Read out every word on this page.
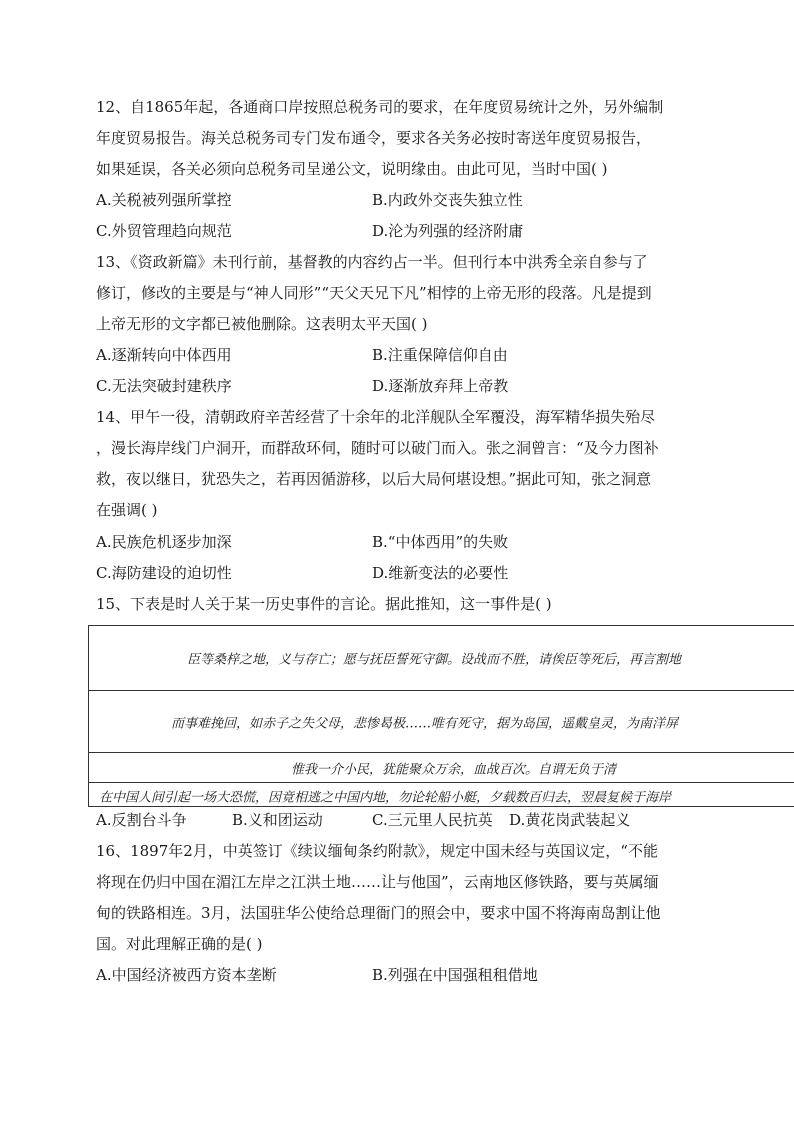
12、自1865年起，各通商口岸按照总税务司的要求，在年度贸易统计之外，另外编制
年度贸易报告。海关总税务司专门发布通令，要求各关务必按时寄送年度贸易报告，
如果延误，各关必须向总税务司呈递公文，说明缘由。由此可见，当时中国( )
A.关税被列强所掌控	B.内政外交丧失独立性
C.外贸管理趋向规范	D.沦为列强的经济附庸
13、《资政新篇》未刊行前，基督教的内容约占一半。但刊行本中洪秀全亲自参与了
修订，修改的主要是与“神人同形”“天父天兄下凡”相悖的上帝无形的段落。凡是提到
上帝无形的文字都已被他删除。这表明太平天国( )
A.逐渐转向中体西用	B.注重保障信仰自由
C.无法突破封建秩序	D.逐渐放弃拜上帝教
14、甲午一役，清朝政府辛苦经营了十余年的北洋舰队全军覆没，海军精华损失殆尽
，漫长海岸线门户洞开，而群敌环伺，随时可以破门而入。张之洞曾言：“及今力图补
救，夜以继日，犹恐失之，若再因循游移，以后大局何堪设想。”据此可知，张之洞意
在强调( )
A.民族危机逐步加深	B.“中体西用”的失败
C.海防建设的迫切性	D.维新变法的必要性
15、下表是时人关于某一历史事件的言论。据此推知，这一事件是( )
臣等桑梓之地，义与存亡；愿与抚臣誓死守御。设战而不胜，请俟臣等死后，再言割地
而事难挽回，如赤子之失父母，悲惨曷极……唯有死守，据为岛国，遥戴皇灵，为南洋屏
惟我一介小民，犹能聚众万余，血战百次。自谓无负于清
在中国人间引起一场大恐慌，因竟相逃之中国内地，勿论轮船小艇，夕载数百归去，翌晨复候于海岸
A.反割台斗争	B.义和团运动	C.三元里人民抗英 D.黄花岗武装起义
16、1897年2月，中英签订《续议缅甸条约附款》，规定中国未经与英国议定，“不能
将现在仍归中国在湄江左岸之江洪土地……让与他国”，云南地区修铁路，要与英属缅
甸的铁路相连。3月，法国驻华公使给总理衙门的照会中，要求中国不将海南岛割让他
国。对此理解正确的是( )
A.中国经济被西方资本垄断	B.列强在中国强租租借地
